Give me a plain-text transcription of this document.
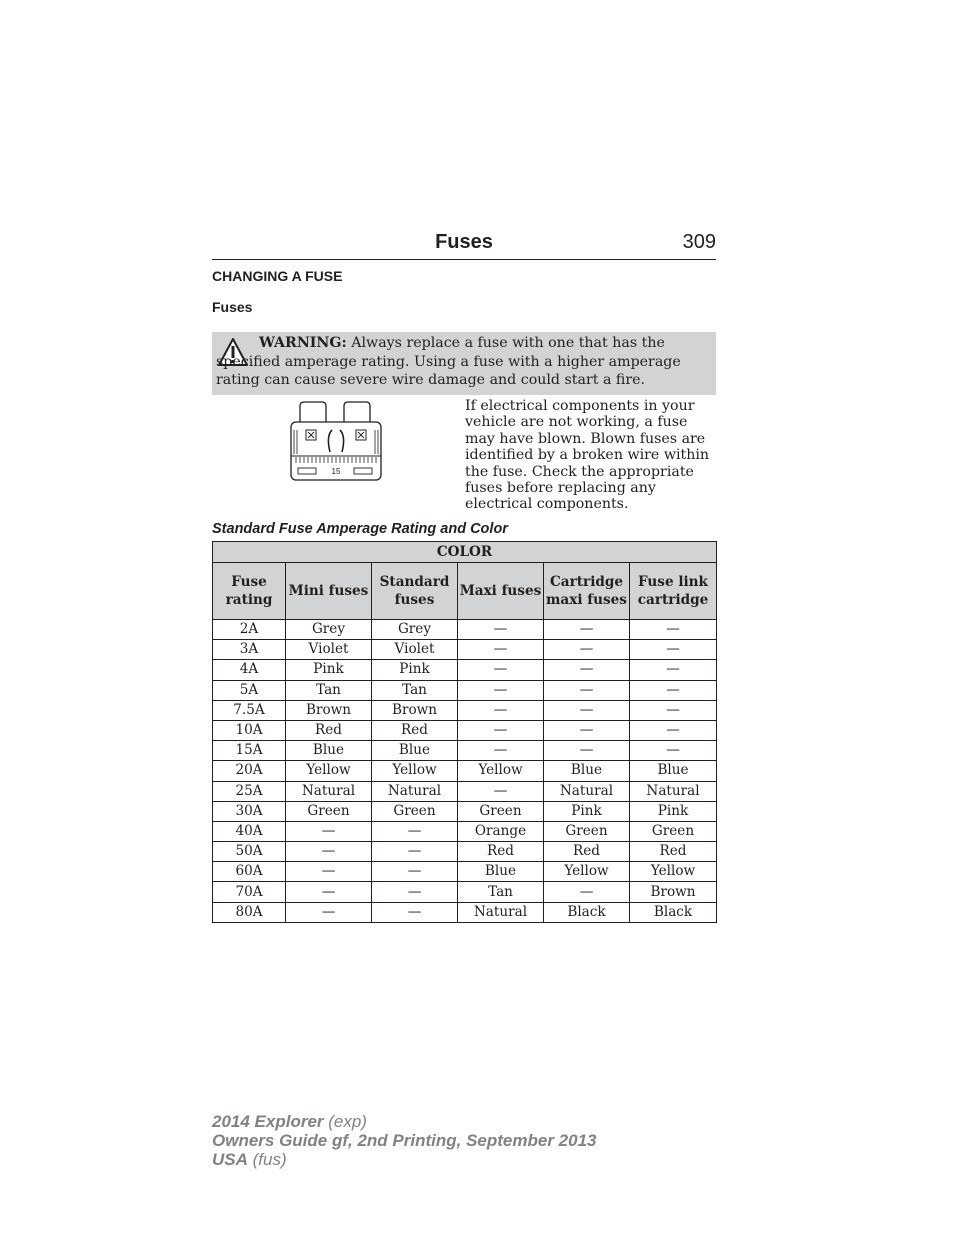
Fuses	309
CHANGING A FUSE
Fuses
WARNING: Always replace a fuse with one that has the specified amperage rating. Using a fuse with a higher amperage rating can cause severe wire damage and could start a fire.
15
If electrical components in your vehicle are not working, a fuse may have blown. Blown fuses are identified by a broken wire within the fuse. Check the appropriate fuses before replacing any electrical components.
Standard Fuse Amperage Rating and Color
COLOR					
Fuse rating	Mini fuses	Standard fuses	Maxi fuses	Cartridge maxi fuses	Fuse link cartridge
2A	Grey	Grey	—	—	—
3A	Violet	Violet	—	—	—
4A	Pink	Pink	—	—	—
5A	Tan	Tan	—	—	—
7.5A	Brown	Brown	—	—	—
10A	Red	Red	—	—	—
15A	Blue	Blue	—	—	—
20A	Yellow	Yellow	Yellow	Blue	Blue
25A	Natural	Natural	—	Natural	Natural
30A	Green	Green	Green	Pink	Pink
40A	—	—	Orange	Green	Green
50A	—	—	Red	Red	Red
60A	—	—	Blue	Yellow	Yellow
70A	—	—	Tan	—	Brown
80A	—	—	Natural	Black	Black
2014 Explorer (exp)
Owners Guide gf, 2nd Printing, September 2013
USA (fus)
